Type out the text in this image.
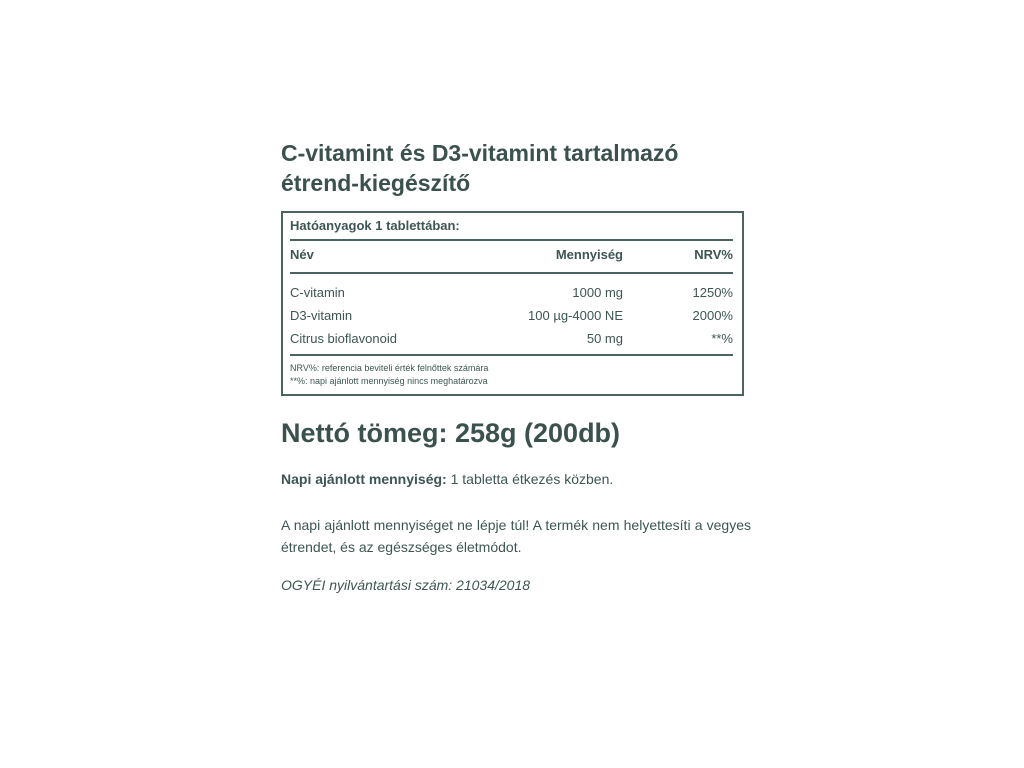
C-vitamint és D3-vitamint tartalmazó
étrend-kiegészítő
Hatóanyagok 1 tablettában:
Név	Mennyiség	NRV%
C-vitamin	1000 mg	1250%
D3-vitamin	100 µg-4000 NE	2000%
Citrus bioflavonoid	50 mg	**%
NRV%: referencia beviteli érték felnőttek számára
**%: napi ajánlott mennyiség nincs meghatározva
Nettó tömeg: 258g (200db)

Napi ajánlott mennyiség: 1 tabletta étkezés közben.

A napi ajánlott mennyiséget ne lépje túl! A termék nem helyettesíti a vegyes étrendet, és az egészséges életmódot.

OGYÉI nyilvántartási szám: 21034/2018
